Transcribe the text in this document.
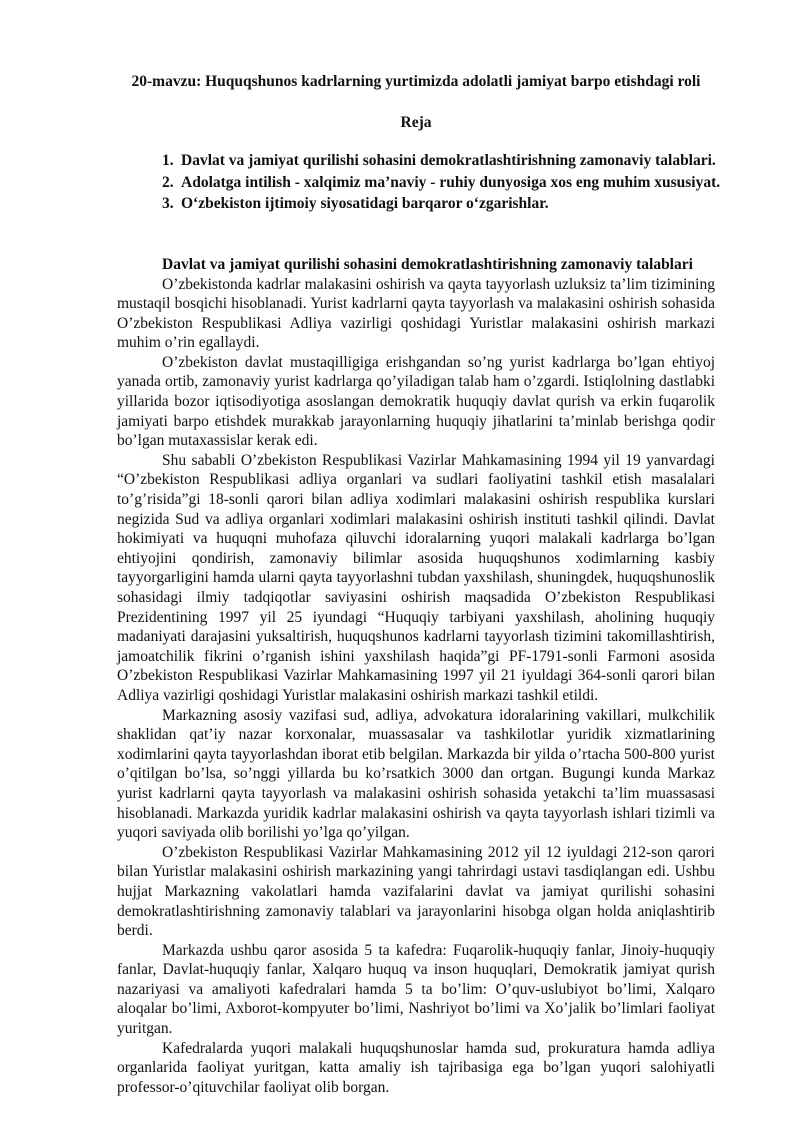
20-mavzu: Huquqshunos kadrlarning yurtimizda adolatli jamiyat barpo etishdagi roli
Reja
1. Davlat va jamiyat qurilishi sohasini demokratlashtirishning zamonaviy talablari.
2. Adolatga intilish - xalqimiz ma’naviy - ruhiy dunyosiga xos eng muhim xususiyat.
3. O‘zbekiston ijtimoiy siyosatidagi barqaror o‘zgarishlar.
Davlat va jamiyat qurilishi sohasini demokratlashtirishning zamonaviy talablari

O’zbekistonda kadrlar malakasini oshirish va qayta tayyorlash uzluksiz ta’lim tizimining mustaqil bosqichi hisoblanadi. Yurist kadrlarni qayta tayyorlash va malakasini oshirish sohasida O’zbekiston Respublikasi Adliya vazirligi qoshidagi Yuristlar malakasini oshirish markazi muhim o’rin egallaydi.

O’zbekiston davlat mustaqilligiga erishgandan so’ng yurist kadrlarga bo’lgan ehtiyoj yanada ortib, zamonaviy yurist kadrlarga qo’yiladigan talab ham o’zgardi. Istiqlolning dastlabki yillarida bozor iqtisodiyotiga asoslangan demokratik huquqiy davlat qurish va erkin fuqarolik jamiyati barpo etishdek murakkab jarayonlarning huquqiy jihatlarini ta’minlab berishga qodir bo’lgan mutaxassislar kerak edi.

Shu sababli O’zbekiston Respublikasi Vazirlar Mahkamasining 1994 yil 19 yanvardagi “O’zbekiston Respublikasi adliya organlari va sudlari faoliyatini tashkil etish masalalari to’g’risida”gi 18-sonli qarori bilan adliya xodimlari malakasini oshirish respublika kurslari negizida Sud va adliya organlari xodimlari malakasini oshirish instituti tashkil qilindi. Davlat hokimiyati va huquqni muhofaza qiluvchi idoralarning yuqori malakali kadrlarga bo’lgan ehtiyojini qondirish, zamonaviy bilimlar asosida huquqshunos xodimlarning kasbiy tayyorgarligini hamda ularni qayta tayyorlashni tubdan yaxshilash, shuningdek, huquqshunoslik sohasidagi ilmiy tadqiqotlar saviyasini oshirish maqsadida O’zbekiston Respublikasi Prezidentining 1997 yil 25 iyundagi “Huquqiy tarbiyani yaxshilash, aholining huquqiy madaniyati darajasini yuksaltirish, huquqshunos kadrlarni tayyorlash tizimini takomillashtirish, jamoatchilik fikrini o’rganish ishini yaxshilash haqida”gi PF-1791-sonli Farmoni asosida O’zbekiston Respublikasi Vazirlar Mahkamasining 1997 yil 21 iyuldagi 364-sonli qarori bilan Adliya vazirligi qoshidagi Yuristlar malakasini oshirish markazi tashkil etildi.

Markazning asosiy vazifasi sud, adliya, advokatura idoralarining vakillari, mulkchilik shaklidan qat’iy nazar korxonalar, muassasalar va tashkilotlar yuridik xizmatlarining xodimlarini qayta tayyorlashdan iborat etib belgilan. Markazda bir yilda o’rtacha 500-800 yurist o’qitilgan bo’lsa, so’nggi yillarda bu ko’rsatkich 3000 dan ortgan. Bugungi kunda Markaz yurist kadrlarni qayta tayyorlash va malakasini oshirish sohasida yetakchi ta’lim muassasasi hisoblanadi. Markazda yuridik kadrlar malakasini oshirish va qayta tayyorlash ishlari tizimli va yuqori saviyada olib borilishi yo’lga qo’yilgan.

O’zbekiston Respublikasi Vazirlar Mahkamasining 2012 yil 12 iyuldagi 212-son qarori bilan Yuristlar malakasini oshirish markazining yangi tahrirdagi ustavi tasdiqlangan edi. Ushbu hujjat Markazning vakolatlari hamda vazifalarini davlat va jamiyat qurilishi sohasini demokratlashtirishning zamonaviy talablari va jarayonlarini hisobga olgan holda aniqlashtirib berdi.

Markazda ushbu qaror asosida 5 ta kafedra: Fuqarolik-huquqiy fanlar, Jinoiy-huquqiy fanlar, Davlat-huquqiy fanlar, Xalqaro huquq va inson huquqlari, Demokratik jamiyat qurish nazariyasi va amaliyoti kafedralari hamda 5 ta bo’lim: O’quv-uslubiyot bo’limi, Xalqaro aloqalar bo’limi, Axborot-kompyuter bo’limi, Nashriyot bo’limi va Xo’jalik bo’limlari faoliyat yuritgan.

Kafedralarda yuqori malakali huquqshunoslar hamda sud, prokuratura hamda adliya organlarida faoliyat yuritgan, katta amaliy ish tajribasiga ega bo’lgan yuqori salohiyatli professor-o’qituvchilar faoliyat olib borgan.
